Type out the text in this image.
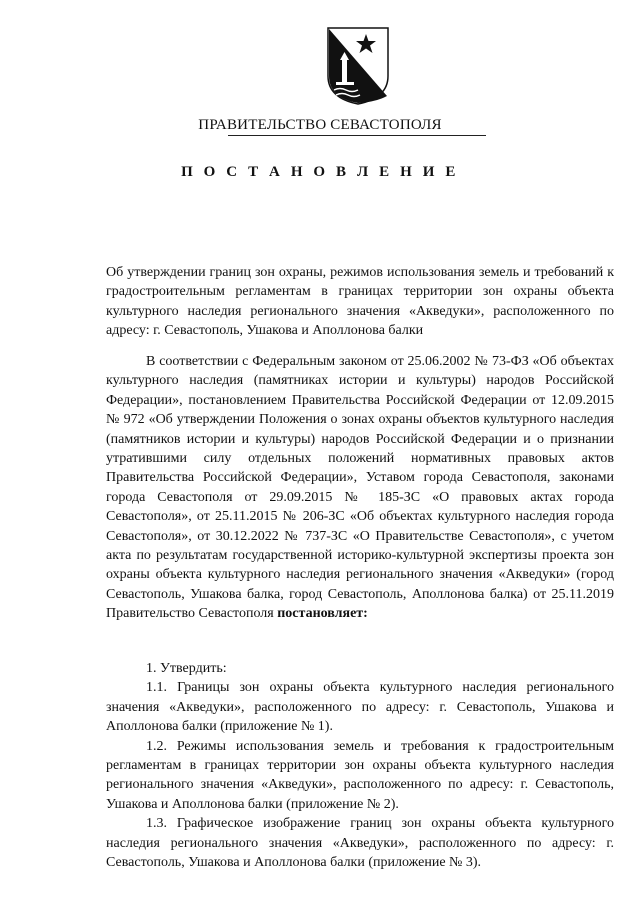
ПРАВИТЕЛЬСТВО СЕВАСТОПОЛЯ
П О С Т А Н О В Л Е Н И Е
Об утверждении границ зон охраны, режимов использования земель и требований к градостроительным регламентам в границах территории зон охраны объекта культурного наследия регионального значения «Акведуки», расположенного по адресу: г. Севастополь, Ушакова и Аполлонова балки

В соответствии с Федеральным законом от 25.06.2002 № 73-ФЗ «Об объектах культурного наследия (памятниках истории и культуры) народов Российской Федерации», постановлением Правительства Российской Федерации от 12.09.2015 № 972 «Об утверждении Положения о зонах охраны объектов культурного наследия (памятников истории и культуры) народов Российской Федерации и о признании утратившими силу отдельных положений нормативных правовых актов Правительства Российской Федерации», Уставом города Севастополя, законами города Севастополя от 29.09.2015 № 185-ЗС «О правовых актах города Севастополя», от 25.11.2015 № 206-ЗС «Об объектах культурного наследия города Севастополя», от 30.12.2022 № 737-ЗС «О Правительстве Севастополя», с учетом акта по результатам государственной историко-культурной экспертизы проекта зон охраны объекта культурного наследия регионального значения «Акведуки» (город Севастополь, Ушакова балка, город Севастополь, Аполлонова балка) от 25.11.2019 Правительство Севастополя постановляет:

1. Утвердить:

1.1. Границы зон охраны объекта культурного наследия регионального значения «Акведуки», расположенного по адресу: г. Севастополь, Ушакова и Аполлонова балки (приложение № 1).

1.2. Режимы использования земель и требования к градостроительным регламентам в границах территории зон охраны объекта культурного наследия регионального значения «Акведуки», расположенного по адресу: г. Севастополь, Ушакова и Аполлонова балки (приложение № 2).

1.3. Графическое изображение границ зон охраны объекта культурного наследия регионального значения «Акведуки», расположенного по адресу: г. Севастополь, Ушакова и Аполлонова балки (приложение № 3).
